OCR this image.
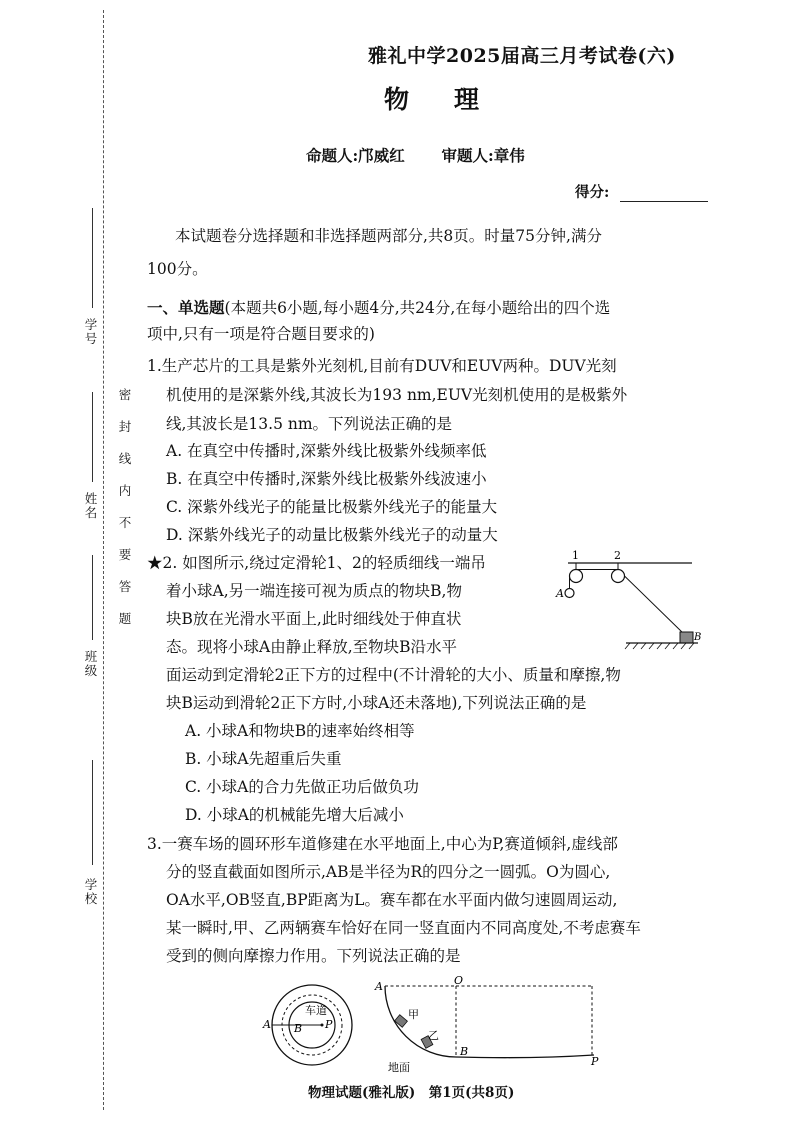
学
号
姓
名
班
级
学
校
密
封
线
内
不
要
答
题
雅礼中学2025届高三月考试卷(六)
物　理
命题人:邝威红 审题人:章伟
得分:
本试题卷分选择题和非选择题两部分,共8页。时量75分钟,满分
100分。
一、单选题(本题共6小题,每小题4分,共24分,在每小题给出的四个选
项中,只有一项是符合题目要求的)
1.生产芯片的工具是紫外光刻机,目前有DUV和EUV两种。DUV光刻
机使用的是深紫外线,其波长为193 nm,EUV光刻机使用的是极紫外
线,其波长是13.5 nm。下列说法正确的是
A. 在真空中传播时,深紫外线比极紫外线频率低
B. 在真空中传播时,深紫外线比极紫外线波速小
C. 深紫外线光子的能量比极紫外线光子的能量大
D. 深紫外线光子的动量比极紫外线光子的动量大
★2. 如图所示,绕过定滑轮1、2的轻质细线一端吊
着小球A,另一端连接可视为质点的物块B,物
块B放在光滑水平面上,此时细线处于伸直状
态。现将小球A由静止释放,至物块B沿水平
面运动到定滑轮2正下方的过程中(不计滑轮的大小、质量和摩擦,物
块B运动到滑轮2正下方时,小球A还未落地),下列说法正确的是
A. 小球A和物块B的速率始终相等
B. 小球A先超重后失重
C. 小球A的合力先做正功后做负功
D. 小球A的机械能先增大后减小
1	2
A
B
3.一赛车场的圆环形车道修建在水平地面上,中心为P,赛道倾斜,虚线部
分的竖直截面如图所示,AB是半径为R的四分之一圆弧。O为圆心,
OA水平,OB竖直,BP距离为L。赛车都在水平面内做匀速圆周运动,
某一瞬时,甲、乙两辆赛车恰好在同一竖直面内不同高度处,不考虑赛车
受到的侧向摩擦力作用。下列说法正确的是
车道
A B P
A	O
B
P
甲
乙
地面
物理试题(雅礼版)　第1页(共8页)
